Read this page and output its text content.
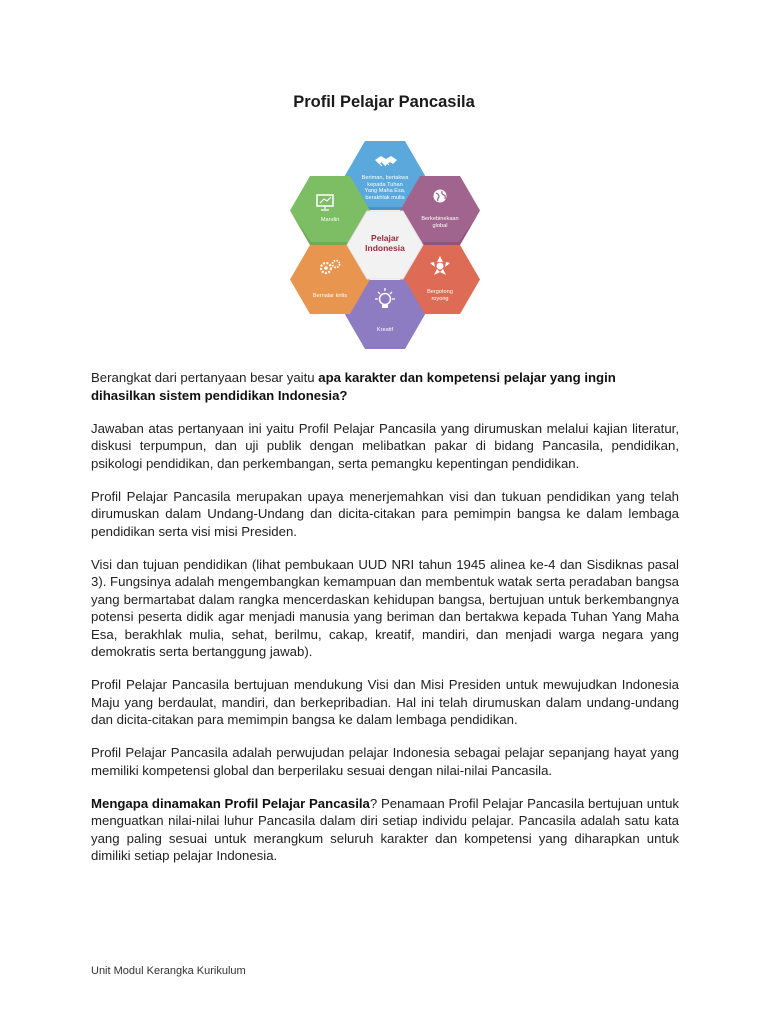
Profil Pelajar Pancasila
Beriman, bertakwa
kepada Tuhan
Yang Maha Esa,
berakhlak mulia
Berkebinekaan
global
Bergotong
royong
Kreatif
Bernalar kritis
Mandiri
Pelajar
Indonesia

Berangkat dari pertanyaan besar yaitu apa karakter dan kompetensi pelajar yang ingin dihasilkan sistem pendidikan Indonesia?

Jawaban atas pertanyaan ini yaitu Profil Pelajar Pancasila yang dirumuskan melalui kajian literatur, diskusi terpumpun, dan uji publik dengan melibatkan pakar di bidang Pancasila, pendidikan, psikologi pendidikan, dan perkembangan, serta pemangku kepentingan pendidikan.

Profil Pelajar Pancasila merupakan upaya menerjemahkan visi dan tukuan pendidikan yang telah dirumuskan dalam Undang-Undang dan dicita-citakan para pemimpin bangsa ke dalam lembaga pendidikan serta visi misi Presiden.

Visi dan tujuan pendidikan (lihat pembukaan UUD NRI tahun 1945 alinea ke-4 dan Sisdiknas pasal 3). Fungsinya adalah mengembangkan kemampuan dan membentuk watak serta peradaban bangsa yang bermartabat dalam rangka mencerdaskan kehidupan bangsa, bertujuan untuk berkembangnya potensi peserta didik agar menjadi manusia yang beriman dan bertakwa kepada Tuhan Yang Maha Esa, berakhlak mulia, sehat, berilmu, cakap, kreatif, mandiri, dan menjadi warga negara yang demokratis serta bertanggung jawab).

Profil Pelajar Pancasila bertujuan mendukung Visi dan Misi Presiden untuk mewujudkan Indonesia Maju yang berdaulat, mandiri, dan berkepribadian. Hal ini telah dirumuskan dalam undang-undang dan dicita-citakan para memimpin bangsa ke dalam lembaga pendidikan.

Profil Pelajar Pancasila adalah perwujudan pelajar Indonesia sebagai pelajar sepanjang hayat yang memiliki kompetensi global dan berperilaku sesuai dengan nilai-nilai Pancasila.

Mengapa dinamakan Profil Pelajar Pancasila? Penamaan Profil Pelajar Pancasila bertujuan untuk menguatkan nilai-nilai luhur Pancasila dalam diri setiap individu pelajar. Pancasila adalah satu kata yang paling sesuai untuk merangkum seluruh karakter dan kompetensi yang diharapkan untuk dimiliki setiap pelajar Indonesia.

Unit Modul Kerangka Kurikulum
